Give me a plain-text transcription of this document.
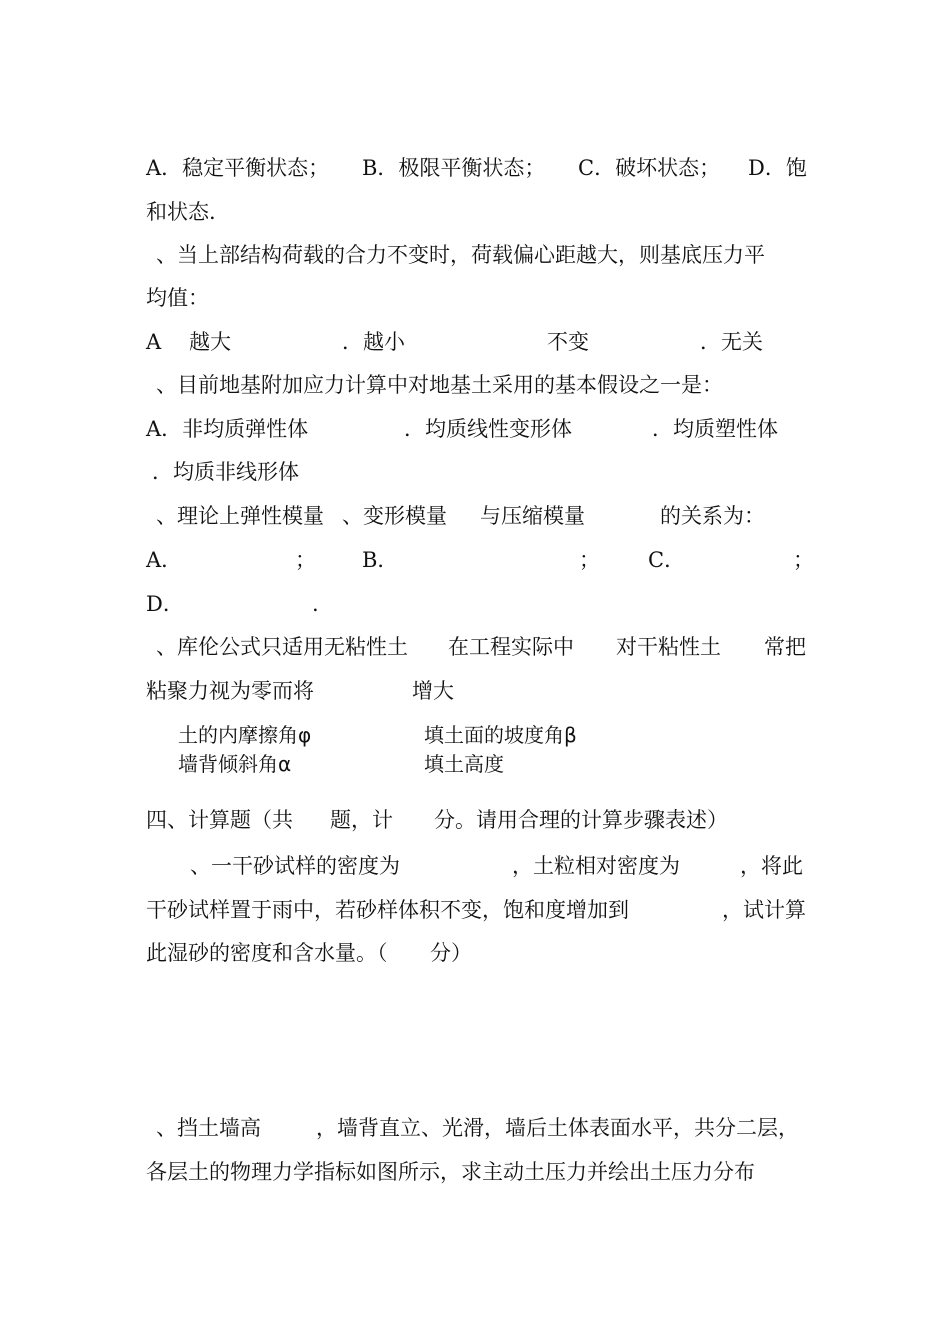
A．稳定平衡状态； B．极限平衡状态； C．破坏状态； D．饱
和状态.
、当上部结构荷载的合力不变时，荷载偏心距越大，则基底压力平
均值：
A 越大	．越小	不变	．无关
、目前地基附加应力计算中对地基土采用的基本假设之一是：
A．非均质弹性体	．均质线性变形体	．均质塑性体
．均质非线形体
、理论上弹性模量 、变形模量 与压缩模量	的关系为：
A．	； B．	； C．	；
D．	.
、库伦公式只适用无粘性土 在工程实际中 对干粘性土 常把
粘聚力视为零而将	增大
土的内摩擦角φ	填土面的坡度角β
墙背倾斜角α	填土高度
四、计算题（共 题，计 分。请用合理的计算步骤表述）
、一干砂试样的密度为	，土粒相对密度为	，将此
干砂试样置于雨中，若砂样体积不变，饱和度增加到	，试计算
此湿砂的密度和含水量。（ 分）
、挡土墙高	，墙背直立、光滑，墙后土体表面水平，共分二层，
各层土的物理力学指标如图所示，求主动土压力并绘出土压力分布
